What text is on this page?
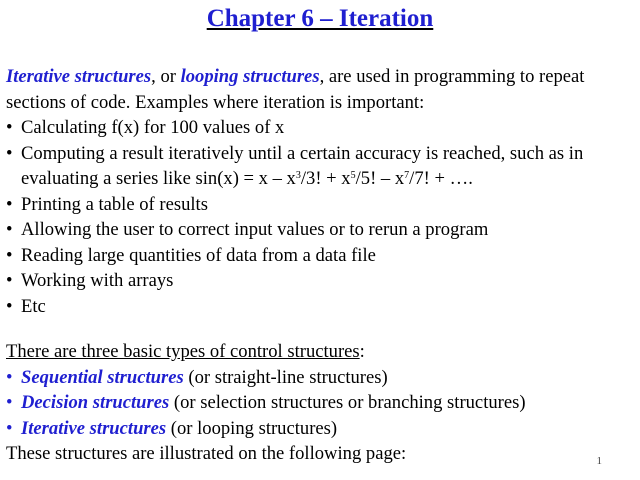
Chapter 6 – Iteration

Iterative structures, or looping structures, are used in programming to repeat sections of code. Examples where iteration is important:

• Calculating f(x) for 100 values of x
• Computing a result iteratively until a certain accuracy is reached, such as in evaluating a series like $\sin(x) = x - x^3/3$! + $x^5/5$! – $x^7/7$! + ….
• Printing a table of results
• Allowing the user to correct input values or to rerun a program
• Reading large quantities of data from a data file
• Working with arrays
• Etc

There are three basic types of control structures:

• Sequential structures (or straight-line structures)
• Decision structures (or selection structures or branching structures)
• Iterative structures (or looping structures)

These structures are illustrated on the following page:	1
